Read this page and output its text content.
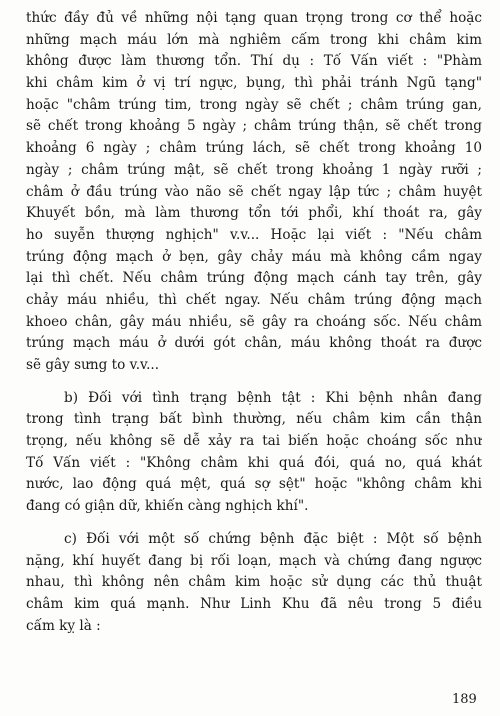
thức đầy đủ về những nội tạng quan trọng trong cơ thể hoặc
những mạch máu lớn mà nghiêm cấm trong khi châm kim
không được làm thương tổn. Thí dụ : Tố Vấn viết : "Phàm
khi châm kim ở vị trí ngực, bụng, thì phải tránh Ngũ tạng"
hoặc "châm trúng tim, trong ngày sẽ chết ; châm trúng gan,
sẽ chết trong khoảng 5 ngày ; châm trúng thận, sẽ chết trong
khoảng 6 ngày ; châm trúng lách, sẽ chết trong khoảng 10
ngày ; châm trúng mật, sẽ chết trong khoảng 1 ngày rưỡi ;
châm ở đầu trúng vào não sẽ chết ngay lập tức ; châm huyệt
Khuyết bồn, mà làm thương tổn tới phổi, khí thoát ra, gây
ho suyễn thượng nghịch" v.v... Hoặc lại viết : "Nếu châm
trúng động mạch ở bẹn, gây chảy máu mà không cầm ngay
lại thì chết. Nếu châm trúng động mạch cánh tay trên, gây
chảy máu nhiều, thì chết ngay. Nếu châm trúng động mạch
khoeo chân, gây máu nhiều, sẽ gây ra choáng sốc. Nếu châm
trúng mạch máu ở dưới gót chân, máu không thoát ra được
sẽ gây sưng to v.v...
b) Đối với tình trạng bệnh tật : Khi bệnh nhân đang
trong tình trạng bất bình thường, nếu châm kim cần thận
trọng, nếu không sẽ dễ xảy ra tai biến hoặc choáng sốc như
Tố Vấn viết : "Không châm khi quá đói, quá no, quá khát
nước, lao động quá mệt, quá sợ sệt" hoặc "không châm khi
đang có giận dữ, khiến càng nghịch khí".
c) Đối với một số chứng bệnh đặc biệt : Một số bệnh
nặng, khí huyết đang bị rối loạn, mạch và chứng đang ngược
nhau, thì không nên châm kim hoặc sử dụng các thủ thuật
châm kim quá mạnh. Như Linh Khu đã nêu trong 5 điều
cấm kỵ là :
189
